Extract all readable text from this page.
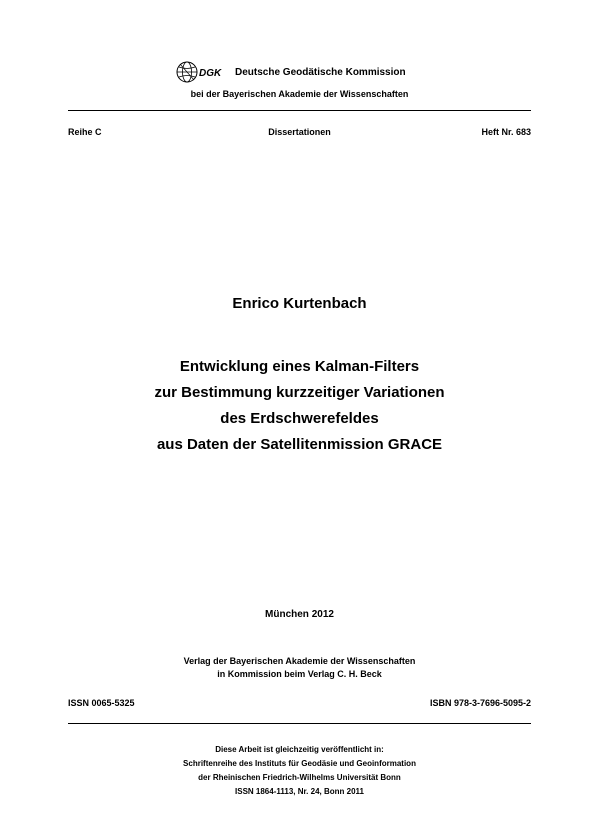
DGK Deutsche Geodätische Kommission
bei der Bayerischen Akademie der Wissenschaften
Reihe C	Dissertationen	Heft Nr. 683
Enrico Kurtenbach
Entwicklung eines Kalman-Filters
zur Bestimmung kurzzeitiger Variationen
des Erdschwerefeldes
aus Daten der Satellitenmission GRACE
München 2012
Verlag der Bayerischen Akademie der Wissenschaften
in Kommission beim Verlag C. H. Beck
ISSN 0065-5325	ISBN 978-3-7696-5095-2
Diese Arbeit ist gleichzeitig veröffentlicht in:
Schriftenreihe des Instituts für Geodäsie und Geoinformation
der Rheinischen Friedrich-Wilhelms Universität Bonn
ISSN 1864-1113, Nr. 24, Bonn 2011
